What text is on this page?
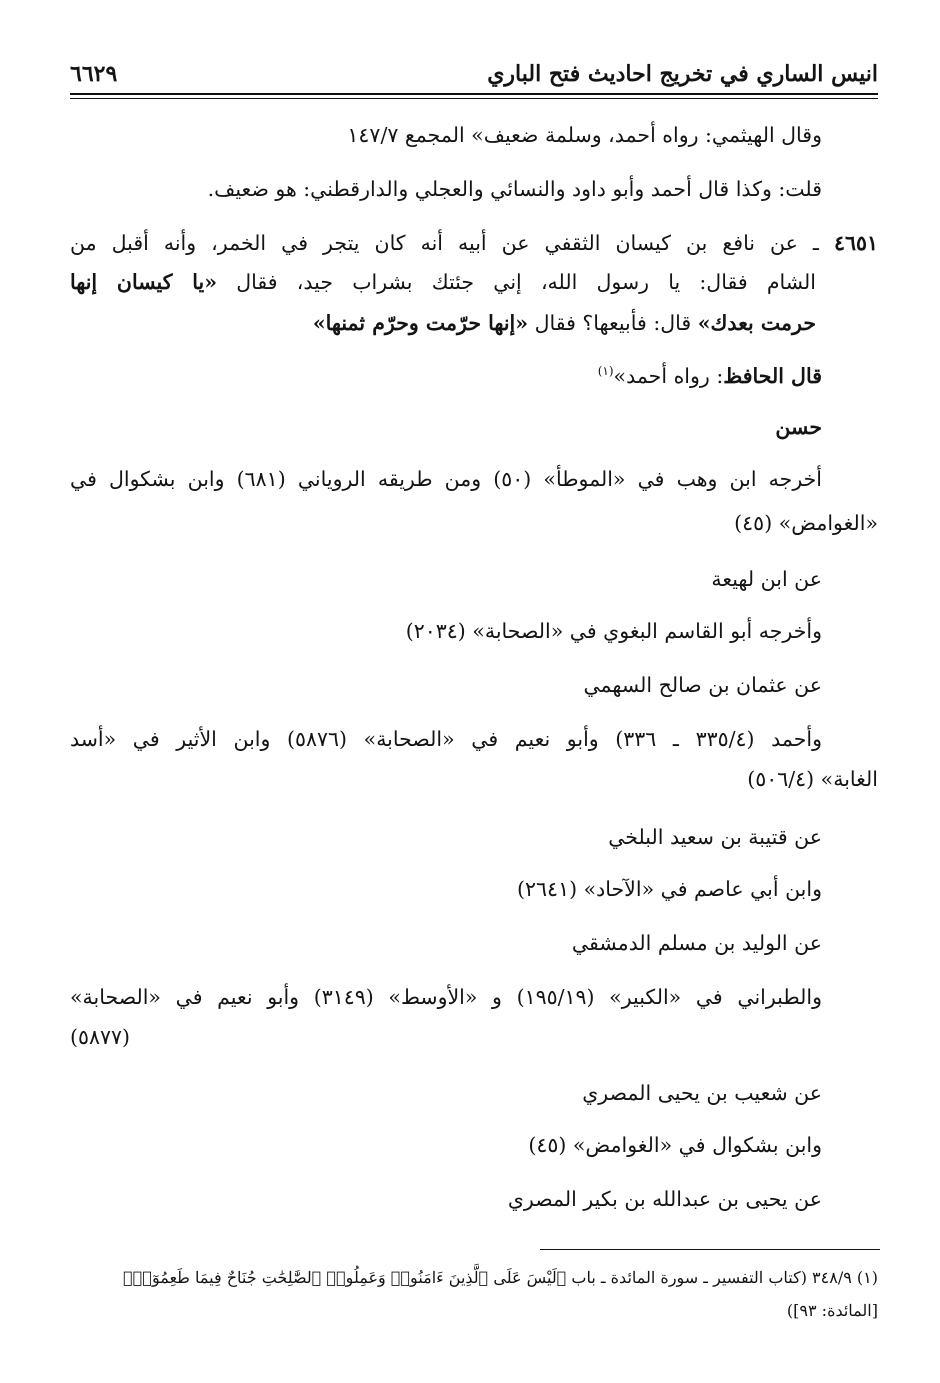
انيس الساري في تخريج احاديث فتح الباري
٦٦٢٩
وقال الهيثمي: رواه أحمد، وسلمة ضعيف» المجمع ١٤٧/٧
قلت: وكذا قال أحمد وأبو داود والنسائي والعجلي والدارقطني: هو ضعيف.
٤٦٥١ ـ عن نافع بن كيسان الثقفي عن أبيه أنه كان يتجر في الخمر، وأنه أقبل من
الشام فقال: يا رسول الله، إني جئتك بشراب جيد، فقال «يا كيسان إنها
حرمت بعدك» قال: فأبيعها؟ فقال «إنها حرّمت وحرّم ثمنها»
قال الحافظ: رواه أحمد»$^{(١)}$
حسن
أخرجه ابن وهب في «الموطأ» (٥٠) ومن طريقه الروياني (٦٨١) وابن بشكوال في
«الغوامض» (٤٥)
عن ابن لهيعة
وأخرجه أبو القاسم البغوي في «الصحابة» (٢٠٣٤)
عن عثمان بن صالح السهمي
وأحمد (٣٣٥/٤ ـ ٣٣٦) وأبو نعيم في «الصحابة» (٥٨٧٦) وابن الأثير في «أسد
الغابة» (٥٠٦/٤)
عن قتيبة بن سعيد البلخي
وابن أبي عاصم في «الآحاد» (٢٦٤١)
عن الوليد بن مسلم الدمشقي
والطبراني في «الكبير» (١٩٥/١٩) و «الأوسط» (٣١٤٩) وأبو نعيم في «الصحابة»
(٥٨٧٧)
عن شعيب بن يحيى المصري
وابن بشكوال في «الغوامض» (٤٥)
عن يحيى بن عبدالله بن بكير المصري
(١) ٣٤٨/٩ (كتاب التفسير ـ سورة المائدة ـ باب ﴿لَيْسَ عَلَى ٱلَّذِينَ ءَامَنُوا۟ وَعَمِلُوا۟ ٱلصَّٰلِحَٰتِ جُنَاحٌ فِيمَا طَعِمُوٓا۟﴾
[المائدة: ٩٣])
